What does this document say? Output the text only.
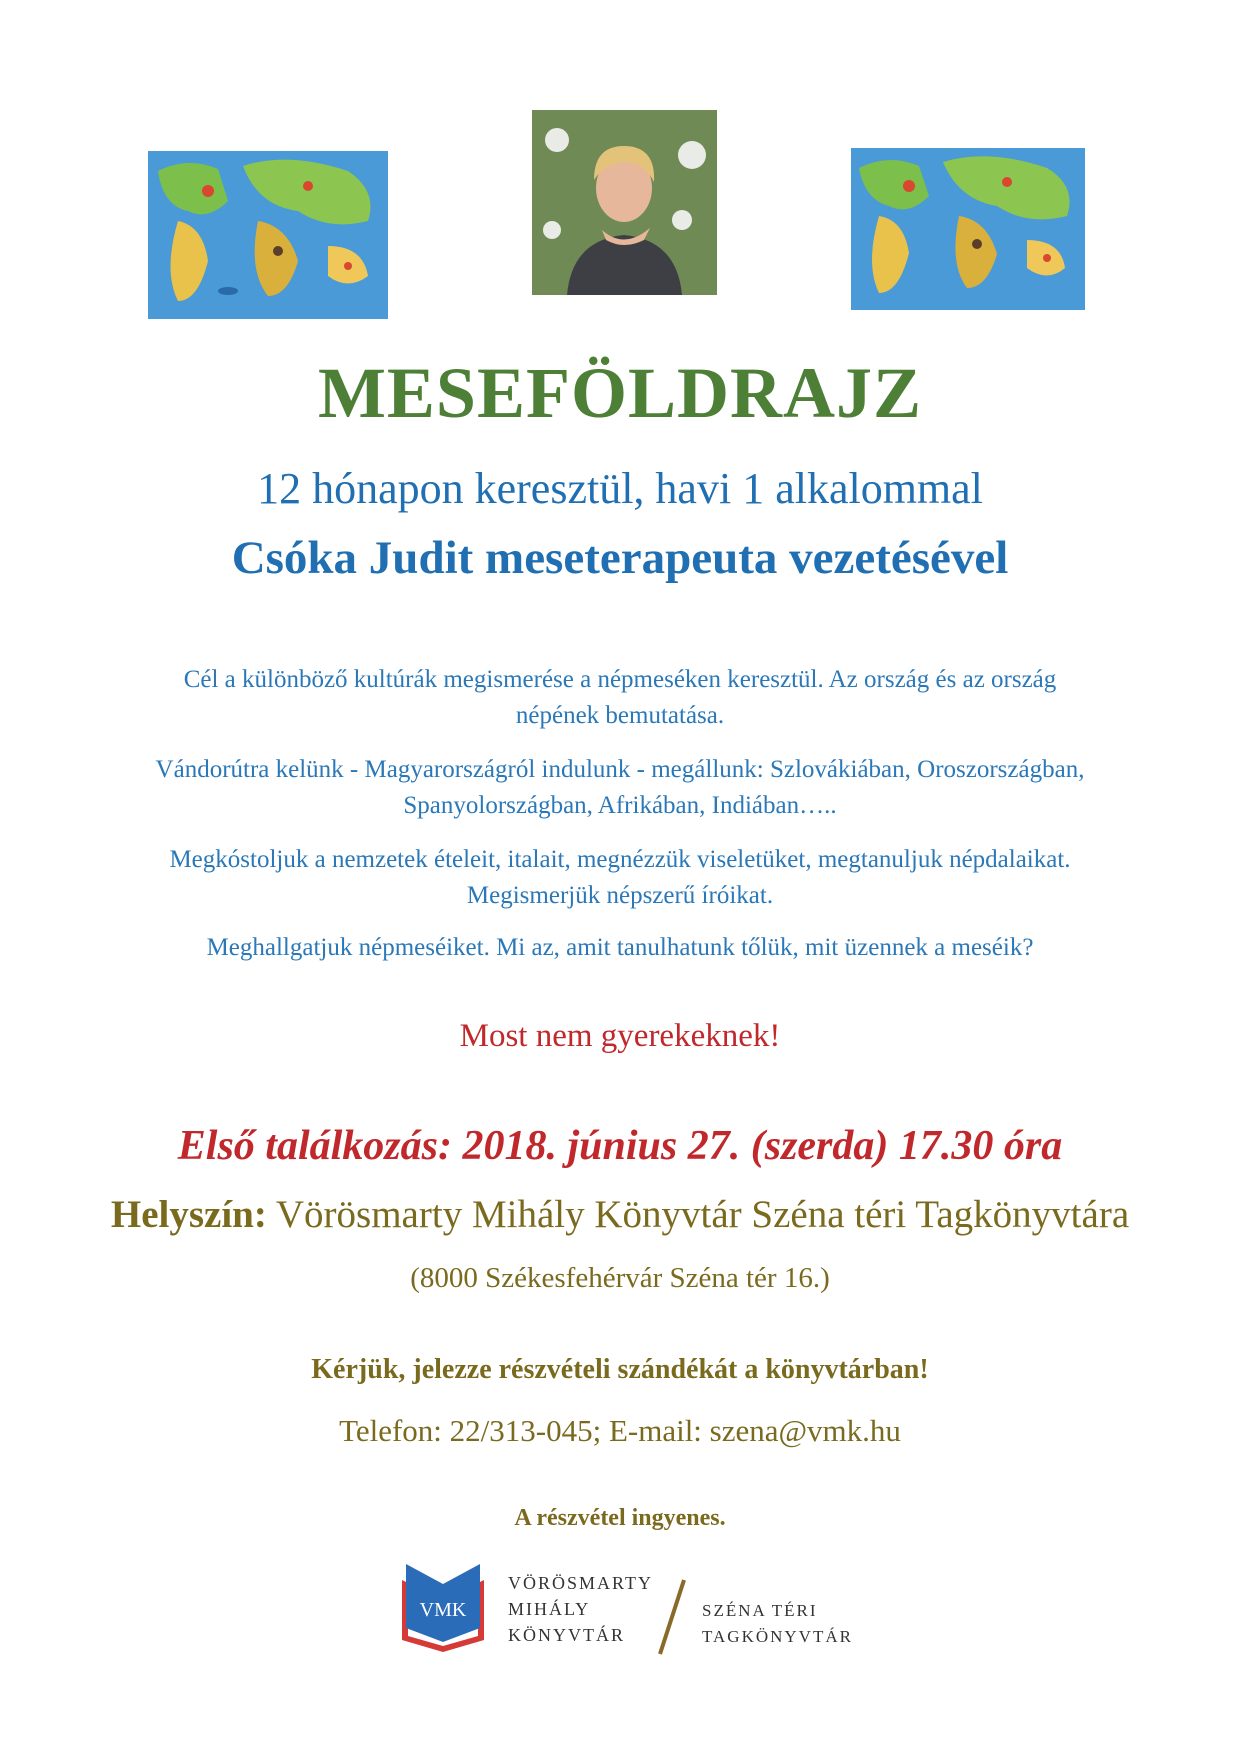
MESEFÖLDRAJZ
12 hónapon keresztül, havi 1 alkalommal
Csóka Judit meseterapeuta vezetésével
Cél a különböző kultúrák megismerése a népmeséken keresztül. Az ország és az ország népének bemutatása.
Vándorútra kelünk - Magyarországról indulunk - megállunk: Szlovákiában, Oroszországban, Spanyolországban, Afrikában, Indiában…..
Megkóstoljuk a nemzetek ételeit, italait, megnézzük viseletüket, megtanuljuk népdalaikat. Megismerjük népszerű íróikat.
Meghallgatjuk népmeséiket. Mi az, amit tanulhatunk tőlük, mit üzennek a meséik?
Most nem gyerekeknek!
Első találkozás: 2018. június 27. (szerda) 17.30 óra
Helyszín: Vörösmarty Mihály Könyvtár Széna téri Tagkönyvtára
(8000 Székesfehérvár Széna tér 16.)
Kérjük, jelezze részvételi szándékát a könyvtárban!
Telefon: 22/313-045; E-mail: szena@vmk.hu
A részvétel ingyenes.
VMK
VÖRÖSMARTY
MIHÁLY
KÖNYVTÁR
SZÉNA TÉRI
TAGKÖNYVTÁR
